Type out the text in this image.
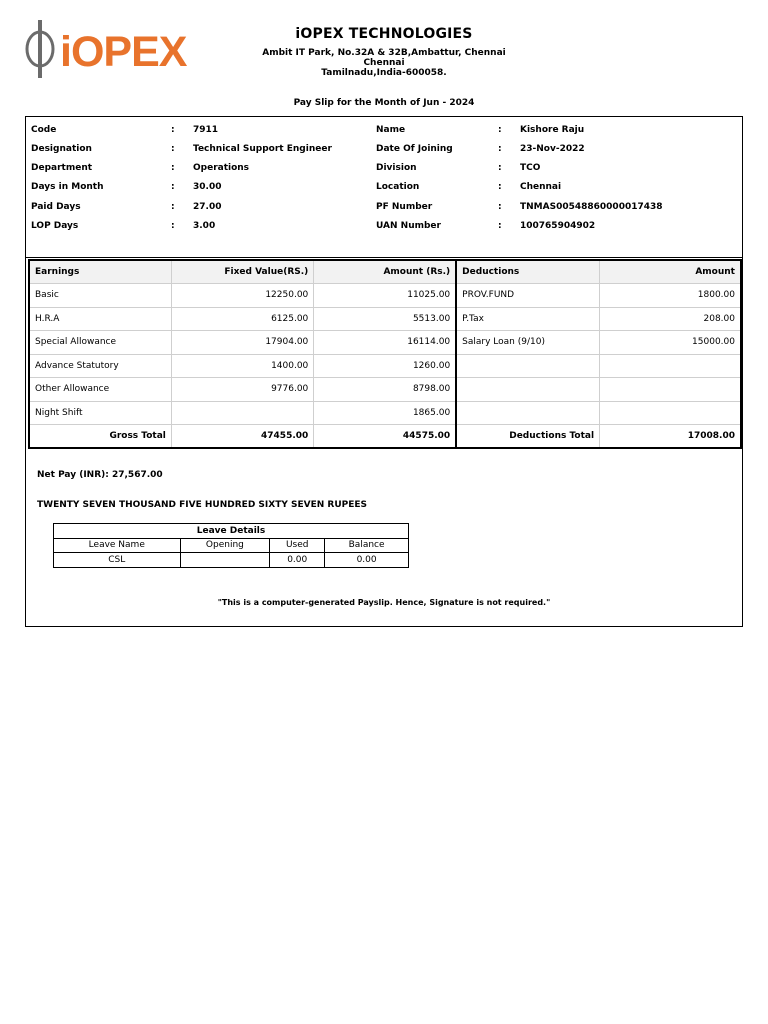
iOPEX	iOPEX TECHNOLOGIES
Ambit IT Park, No.32A & 32B,Ambattur, Chennai
Chennai
Tamilnadu,India-600058.
Pay Slip for the Month of Jun - 2024
Code	: 7911	Name	: Kishore Raju
Designation	: Technical Support Engineer	Date Of Joining	: 23-Nov-2022
Department	: Operations	Division	: TCO
Days in Month	: 30.00	Location	: Chennai
Paid Days	: 27.00	PF Number	: TNMAS00548860000017438
LOP Days	: 3.00	UAN Number	: 100765904902
Earnings	Fixed Value(RS.)	Amount (Rs.)	Deductions	Amount
Basic	12250.00	11025.00	PROV.FUND	1800.00
H.R.A	6125.00	5513.00	P.Tax	208.00
Special Allowance	17904.00	16114.00	Salary Loan (9/10)	15000.00
Advance Statutory	1400.00	1260.00		
Other Allowance	9776.00	8798.00		
Night Shift		1865.00		
Gross Total	47455.00	44575.00	Deductions Total	17008.00
Net Pay (INR): 27,567.00
TWENTY SEVEN THOUSAND FIVE HUNDRED SIXTY SEVEN RUPEES
Leave Details			
Leave Name	Opening	Used	Balance
CSL		0.00	0.00
"This is a computer-generated Payslip. Hence, Signature is not required."
